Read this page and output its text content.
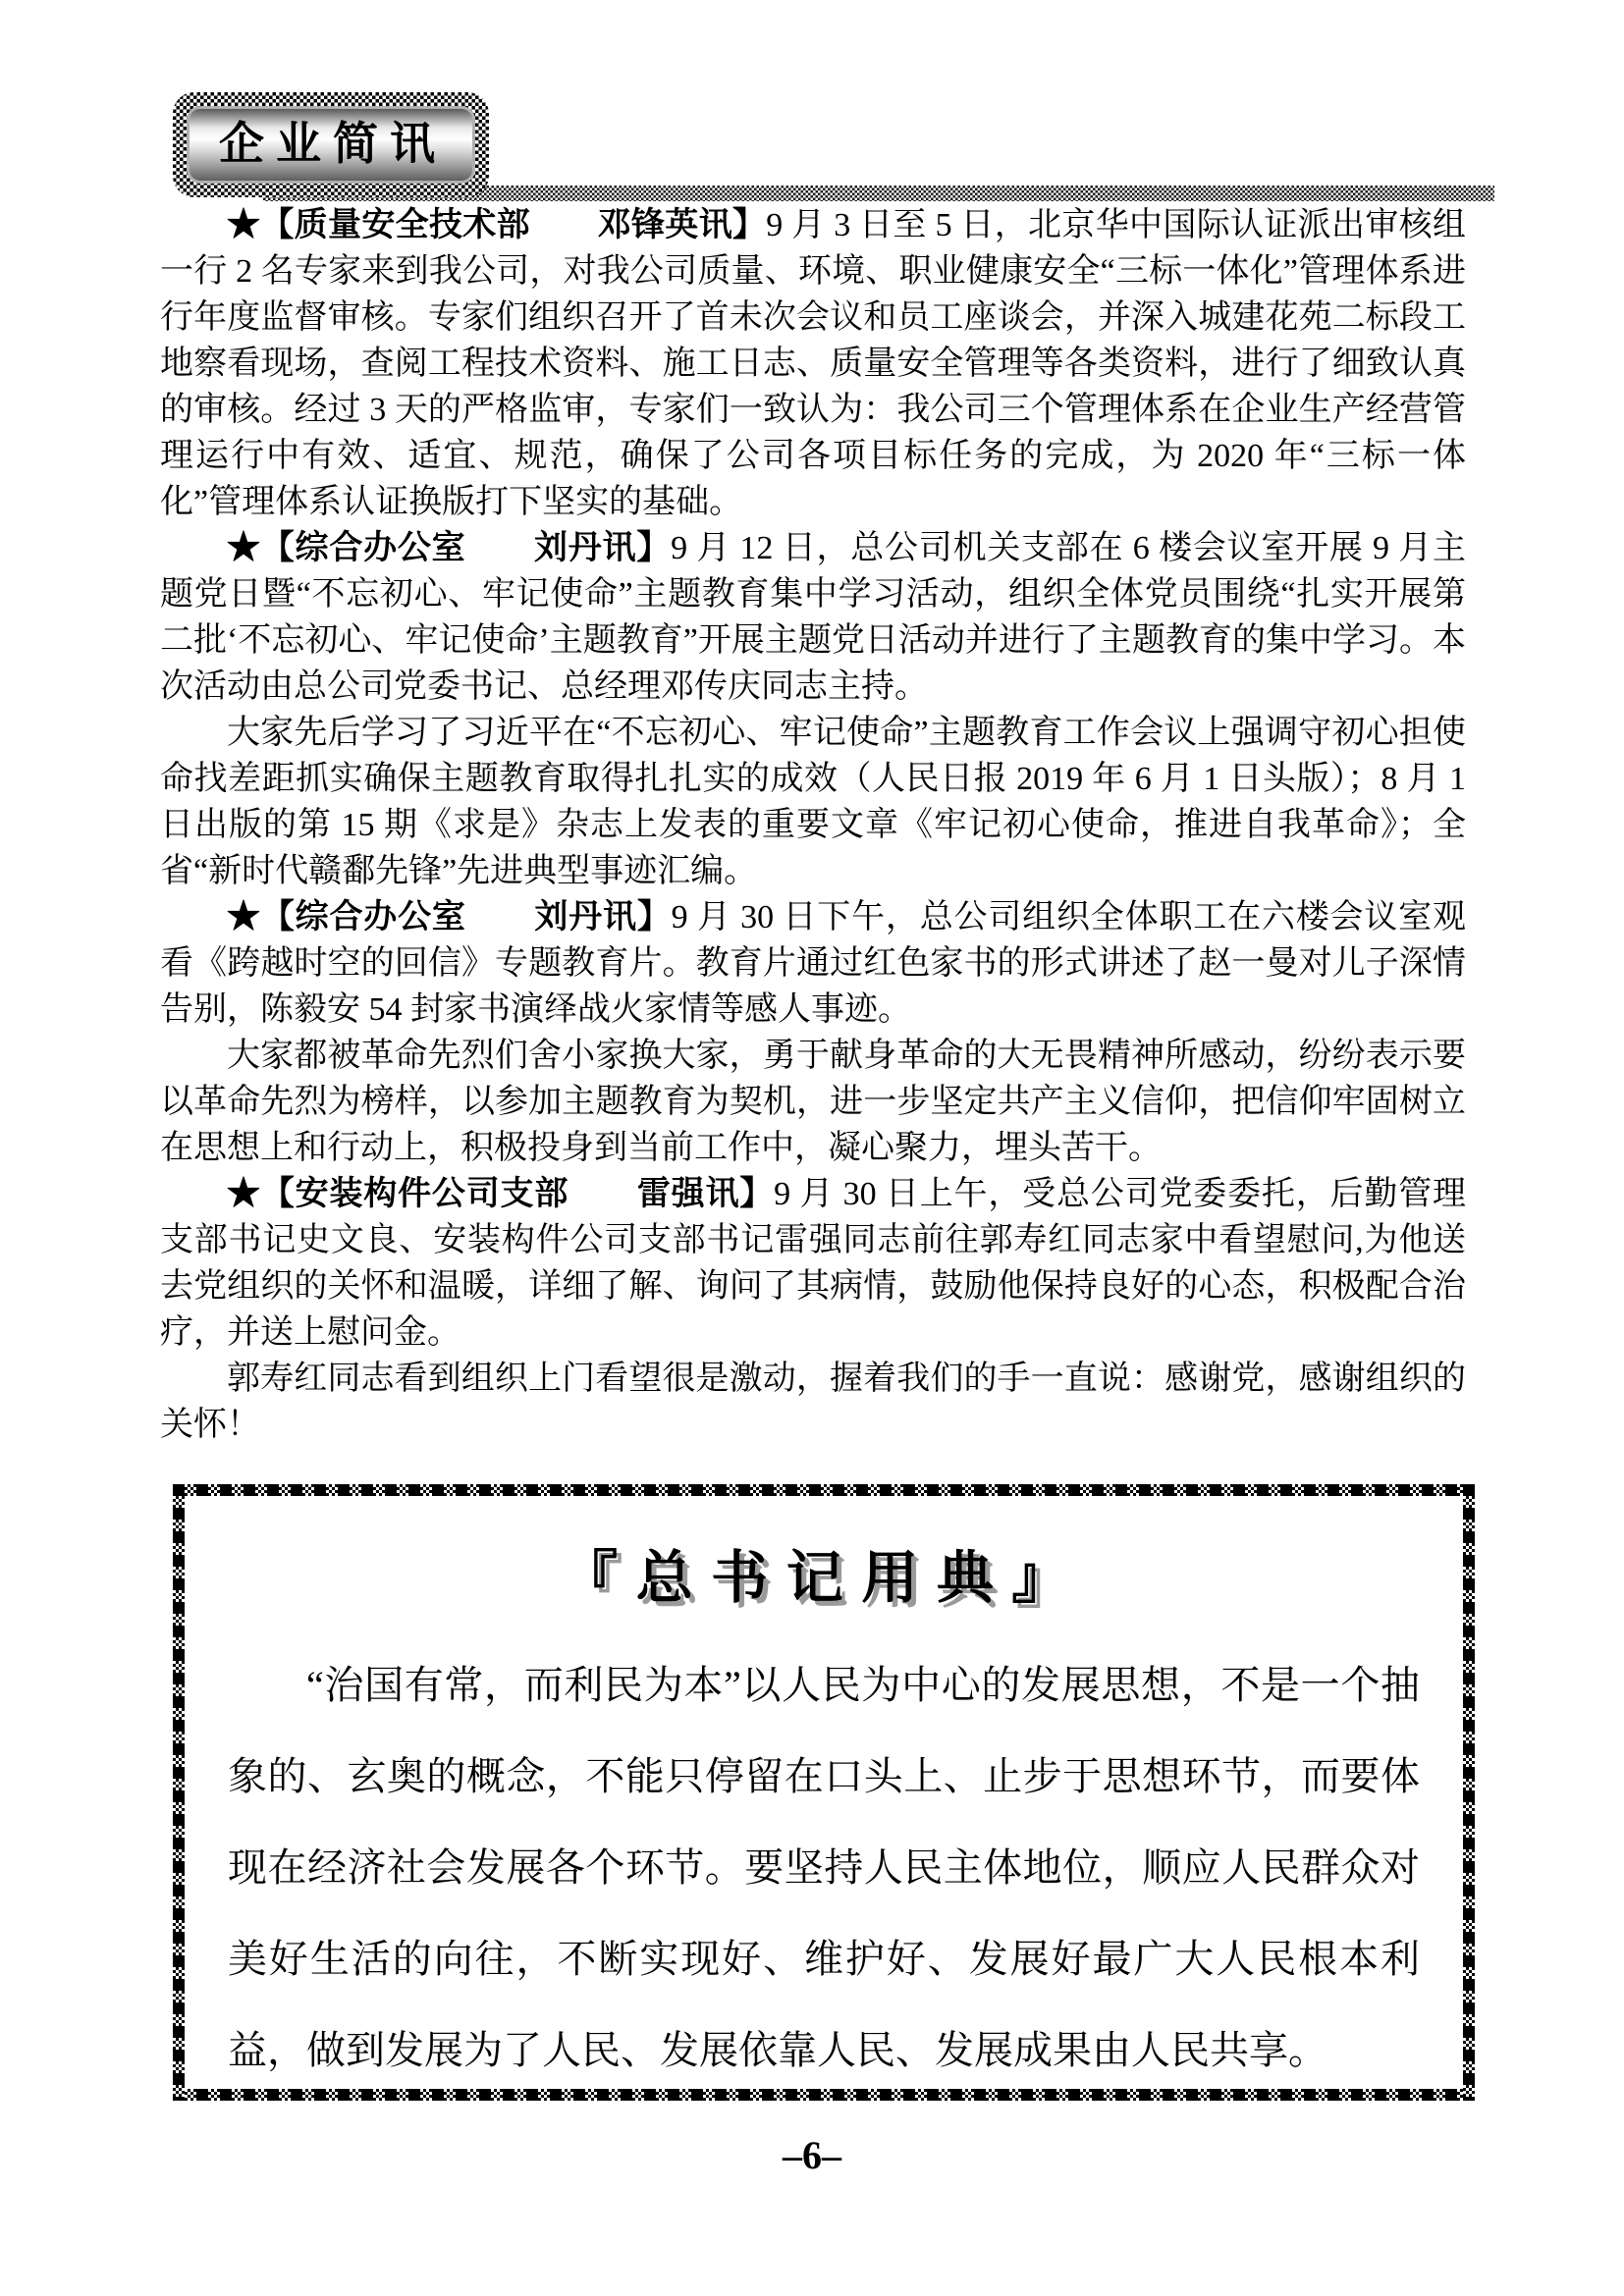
企业简讯

★【质量安全技术部　　邓锋英讯】9 月 3 日至 5 日，北京华中国际认证派出审核组一行 2 名专家来到我公司，对我公司质量、环境、职业健康安全“三标一体化”管理体系进行年度监督审核。专家们组织召开了首未次会议和员工座谈会，并深入城建花苑二标段工地察看现场，查阅工程技术资料、施工日志、质量安全管理等各类资料，进行了细致认真的审核。经过 3 天的严格监审，专家们一致认为：我公司三个管理体系在企业生产经营管理运行中有效、适宜、规范，确保了公司各项目标任务的完成，为 2020 年“三标一体化”管理体系认证换版打下坚实的基础。

★【综合办公室　　刘丹讯】9 月 12 日，总公司机关支部在 6 楼会议室开展 9 月主题党日暨“不忘初心、牢记使命”主题教育集中学习活动，组织全体党员围绕“扎实开展第二批‘不忘初心、牢记使命’主题教育”开展主题党日活动并进行了主题教育的集中学习。本次活动由总公司党委书记、总经理邓传庆同志主持。

大家先后学习了习近平在“不忘初心、牢记使命”主题教育工作会议上强调守初心担使命找差距抓实确保主题教育取得扎扎实的成效（人民日报 2019 年 6 月 1 日头版）；8 月 1 日出版的第 15 期《求是》杂志上发表的重要文章《牢记初心使命，推进自我革命》；全省“新时代赣鄱先锋”先进典型事迹汇编。

★【综合办公室　　刘丹讯】9 月 30 日下午，总公司组织全体职工在六楼会议室观看《跨越时空的回信》专题教育片。教育片通过红色家书的形式讲述了赵一曼对儿子深情告别，陈毅安 54 封家书演绎战火家情等感人事迹。

大家都被革命先烈们舍小家换大家，勇于献身革命的大无畏精神所感动，纷纷表示要以革命先烈为榜样，以参加主题教育为契机，进一步坚定共产主义信仰，把信仰牢固树立在思想上和行动上，积极投身到当前工作中，凝心聚力，埋头苦干。

★【安装构件公司支部　　雷强讯】9 月 30 日上午，受总公司党委委托，后勤管理支部书记史文良、安装构件公司支部书记雷强同志前往郭寿红同志家中看望慰问,为他送去党组织的关怀和温暖，详细了解、询问了其病情，鼓励他保持良好的心态，积极配合治疗，并送上慰问金。

郭寿红同志看到组织上门看望很是激动，握着我们的手一直说：感谢党，感谢组织的关怀！

『总书记用典』

“治国有常，而利民为本”以人民为中心的发展思想，不是一个抽象的、玄奥的概念，不能只停留在口头上、止步于思想环节，而要体现在经济社会发展各个环节。要坚持人民主体地位，顺应人民群众对美好生活的向往，不断实现好、维护好、发展好最广大人民根本利益，做到发展为了人民、发展依靠人民、发展成果由人民共享。

–6–
